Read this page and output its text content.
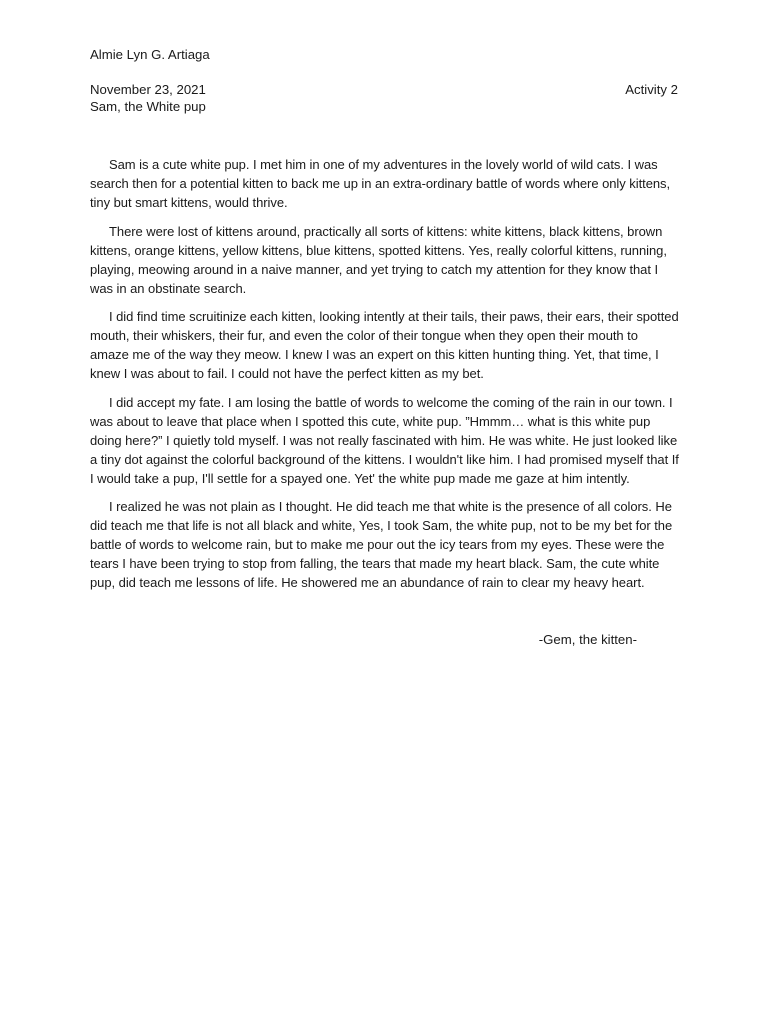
Almie Lyn G. Artiaga
November 23, 2021	Activity 2
Sam, the White pup

Sam is a cute white pup. I met him in one of my adventures in the lovely world of wild cats. I was search then for a potential kitten to back me up in an extra-ordinary battle of words where only kittens, tiny but smart kittens, would thrive.

There were lost of kittens around, practically all sorts of kittens: white kittens, black kittens, brown kittens, orange kittens, yellow kittens, blue kittens, spotted kittens. Yes, really colorful kittens, running, playing, meowing around in a naive manner, and yet trying to catch my attention for they know that I was in an obstinate search.

I did find time scruitinize each kitten, looking intently at their tails, their paws, their ears, their spotted mouth, their whiskers, their fur, and even the color of their tongue when they open their mouth to amaze me of the way they meow. I knew I was an expert on this kitten hunting thing. Yet, that time, I knew I was about to fail. I could not have the perfect kitten as my bet.

I did accept my fate. I am losing the battle of words to welcome the coming of the rain in our town. I was about to leave that place when I spotted this cute, white pup. ”Hmmm… what is this white pup doing here?” I quietly told myself. I was not really fascinated with him. He was white. He just looked like a tiny dot against the colorful background of the kittens. I wouldn't like him. I had promised myself that If I would take a pup, I'll settle for a spayed one. Yet' the white pup made me gaze at him intently.

I realized he was not plain as I thought. He did teach me that white is the presence of all colors. He did teach me that life is not all black and white, Yes, I took Sam, the white pup, not to be my bet for the battle of words to welcome rain, but to make me pour out the icy tears from my eyes. These were the tears I have been trying to stop from falling, the tears that made my heart black. Sam, the cute white pup, did teach me lessons of life. He showered me an abundance of rain to clear my heavy heart.

-Gem, the kitten-
